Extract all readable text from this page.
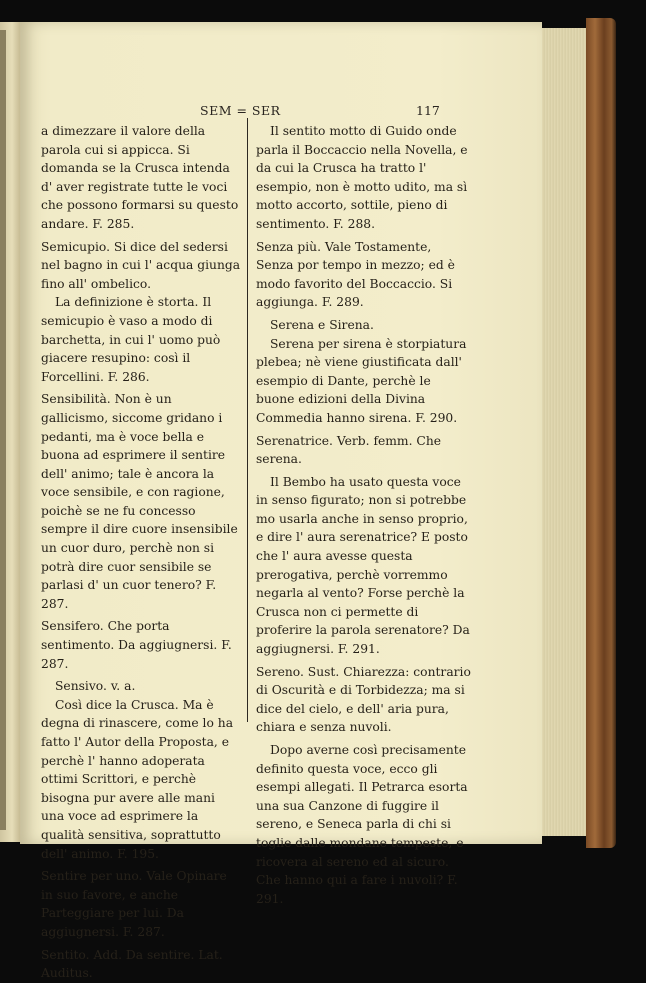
SEM = SER	117

a dimezzare il valore della parola cui si appicca. Si domanda se la Crusca intenda d' aver registrate tutte le voci che possono formarsi su questo andare. F. 285.

Semicupio. Si dice del sedersi nel bagno in cui l' acqua giunga fino all' ombelico.

La definizione è storta. Il semicupio è vaso a modo di barchetta, in cui l' uomo può giacere resupino: così il Forcellini. F. 286.

Sensibilità. Non è un gallicismo, siccome gridano i pedanti, ma è voce bella e buona ad esprimere il sentire dell' animo; tale è ancora la voce sensibile, e con ragione, poichè se ne fu concesso sempre il dire cuore insensibile un cuor duro, perchè non si potrà dire cuor sensibile se parlasi d' un cuor tenero? F. 287.

Sensifero. Che porta sentimento. Da aggiugnersi. F. 287.

Sensivo. v. a.

Così dice la Crusca. Ma è degna di rinascere, come lo ha fatto l' Autor della Proposta, e perchè l' hanno adoperata ottimi Scrittori, e perchè bisogna pur avere alle mani una voce ad esprimere la qualità sensitiva, soprattutto dell' animo. F. 195.

Sentire per uno. Vale Opinare in suo favore, e anche Parteggiare per lui. Da aggiugnersi. F. 287.

Sentito. Add. Da sentire. Lat. Auditus.

Il sentito motto di Guido onde parla il Boccaccio nella Novella, e da cui la Crusca ha tratto l' esempio, non è motto udito, ma sì motto accorto, sottile, pieno di sentimento. F. 288.

Senza più. Vale Tostamente, Senza por tempo in mezzo; ed è modo favorito del Boccaccio. Si aggiunga. F. 289.

Serena e Sirena.

Serena per sirena è storpiatura plebea; nè viene giustificata dall' esempio di Dante, perchè le buone edizioni della Divina Commedia hanno sirena. F. 290.

Serenatrice. Verb. femm. Che serena.

Il Bembo ha usato questa voce in senso figurato; non si potrebbe mo usarla anche in senso proprio, e dire l' aura serenatrice? E posto che l' aura avesse questa prerogativa, perchè vorremmo negarla al vento? Forse perchè la Crusca non ci permette di proferire la parola serenatore? Da aggiugnersi. F. 291.

Sereno. Sust. Chiarezza: contrario di Oscurità e di Torbidezza; ma si dice del cielo, e dell' aria pura, chiara e senza nuvoli.

Dopo averne così precisamente definito questa voce, ecco gli esempi allegati. Il Petrarca esorta una sua Canzone di fuggire il sereno, e Seneca parla di chi si toglie dalle mondane tempeste, e ricovera al sereno ed al sicuro. Che hanno qui a fare i nuvoli? F. 291.
